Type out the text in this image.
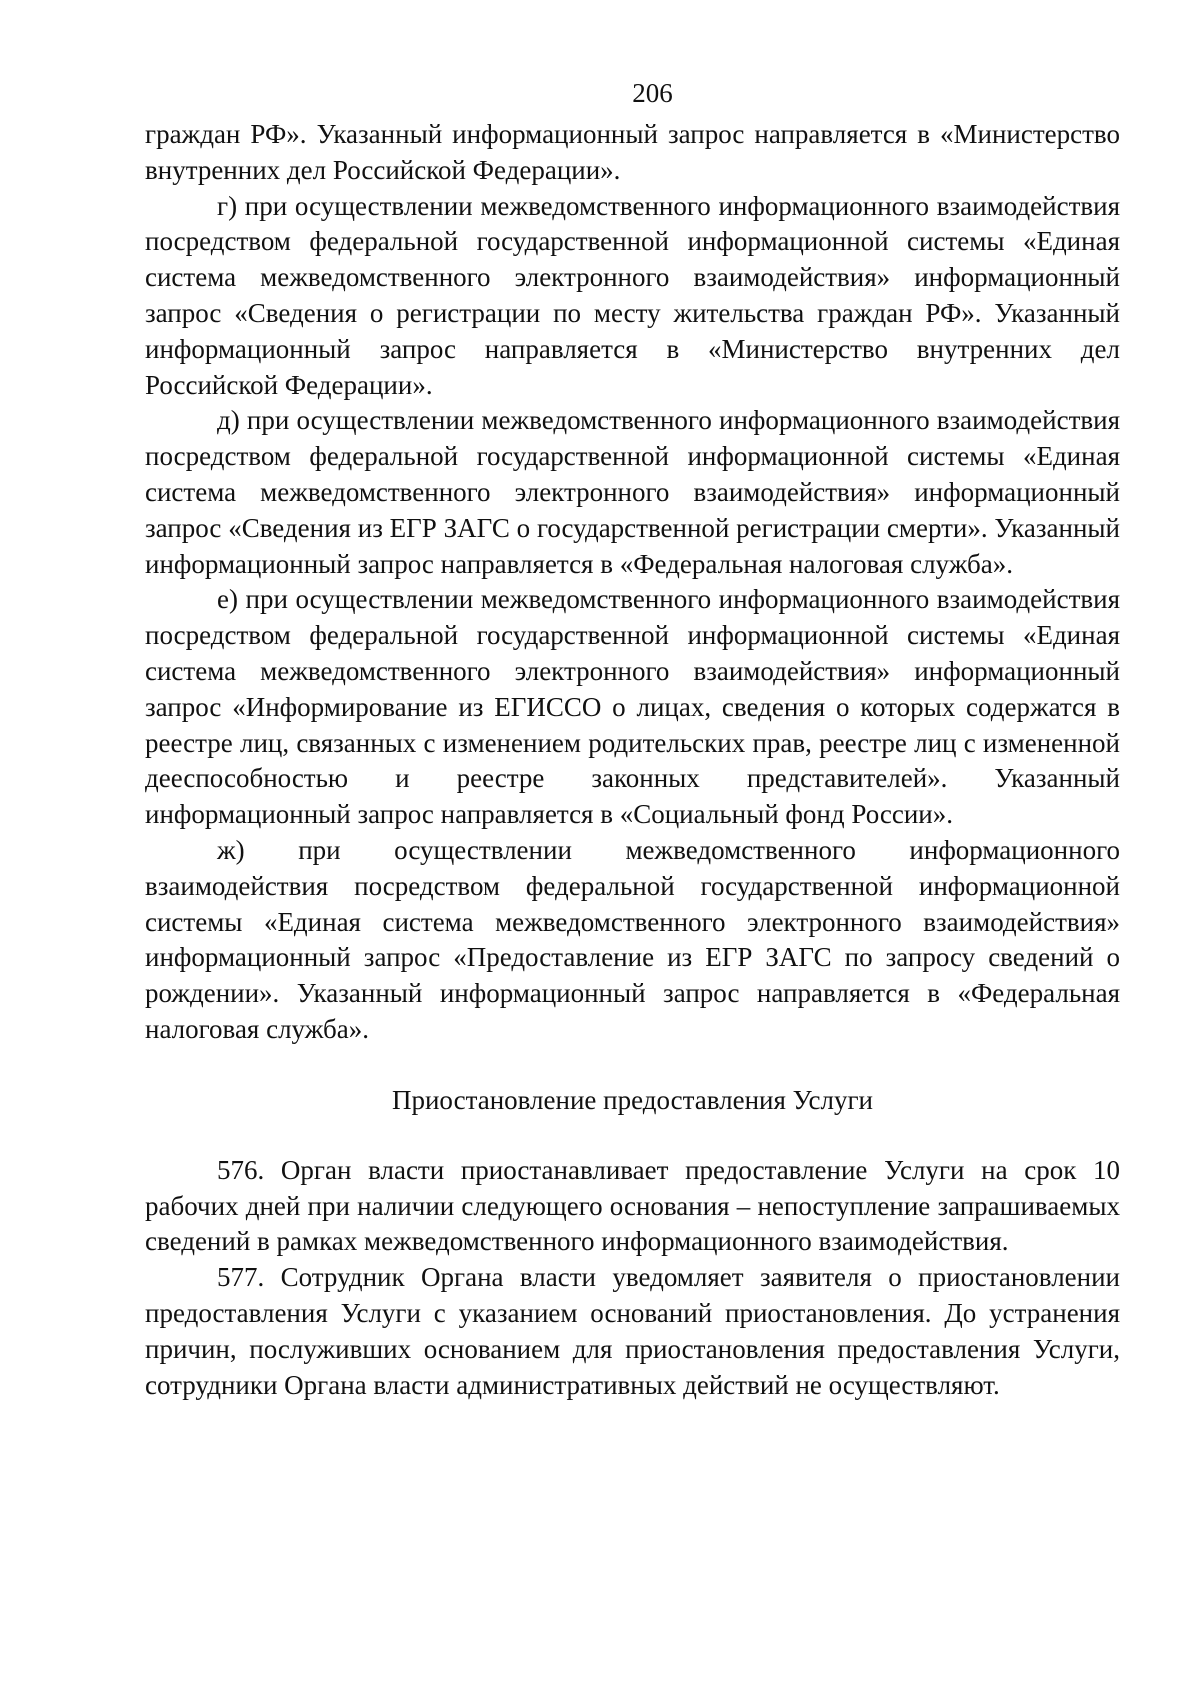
206

граждан РФ». Указанный информационный запрос направляется в «Министерство внутренних дел Российской Федерации».

г) при осуществлении межведомственного информационного взаимодействия посредством федеральной государственной информационной системы «Единая система межведомственного электронного взаимодействия» информационный запрос «Сведения о регистрации по месту жительства граждан РФ». Указанный информационный запрос направляется в «Министерство внутренних дел Российской Федерации».

д) при осуществлении межведомственного информационного взаимодействия посредством федеральной государственной информационной системы «Единая система межведомственного электронного взаимодействия» информационный запрос «Сведения из ЕГР ЗАГС о государственной регистрации смерти». Указанный информационный запрос направляется в «Федеральная налоговая служба».

е) при осуществлении межведомственного информационного взаимодействия посредством федеральной государственной информационной системы «Единая система межведомственного электронного взаимодействия» информационный запрос «Информирование из ЕГИССО о лицах, сведения о которых содержатся в реестре лиц, связанных с изменением родительских прав, реестре лиц с измененной дееспособностью и реестре законных представителей». Указанный информационный запрос направляется в «Социальный фонд России».

ж) при осуществлении межведомственного информационного взаимодействия посредством федеральной государственной информационной системы «Единая система межведомственного электронного взаимодействия» информационный запрос «Предоставление из ЕГР ЗАГС по запросу сведений о рождении». Указанный информационный запрос направляется в «Федеральная налоговая служба».

Приостановление предоставления Услуги

576. Орган власти приостанавливает предоставление Услуги на срок 10 рабочих дней при наличии следующего основания – непоступление запрашиваемых сведений в рамках межведомственного информационного взаимодействия.

577. Сотрудник Органа власти уведомляет заявителя о приостановлении предоставления Услуги с указанием оснований приостановления. До устранения причин, послуживших основанием для приостановления предоставления Услуги, сотрудники Органа власти административных действий не осуществляют.
